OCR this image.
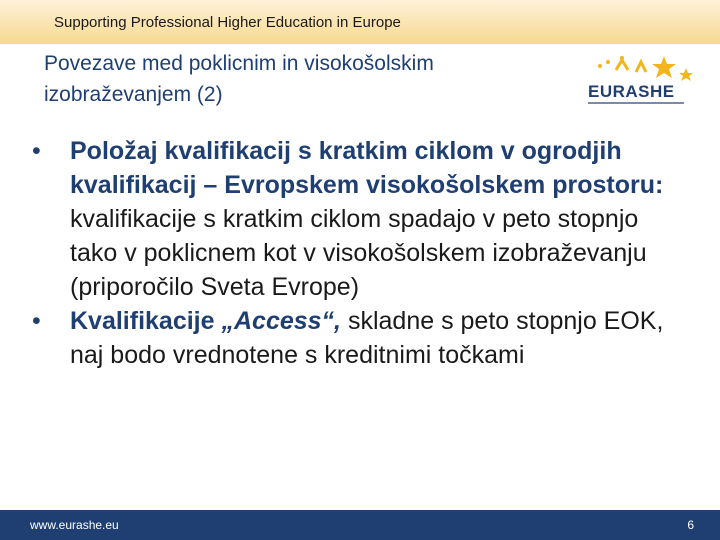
Supporting Professional Higher Education in Europe
Povezave med poklicnim in visokošolskim
izobraževanjem (2)	EURASHE

• Položaj kvalifikacij s kratkim ciklom v ogrodjih kvalifikacij – Evropskem visokošolskem prostoru: kvalifikacije s kratkim ciklom spadajo v peto stopnjo tako v poklicnem kot v visokošolskem izobraževanju (priporočilo Sveta Evrope)

• Kvalifikacije „Access“, skladne s peto stopnjo EOK, naj bodo vrednotene s kreditnimi točkami

www.eurashe.eu	6
